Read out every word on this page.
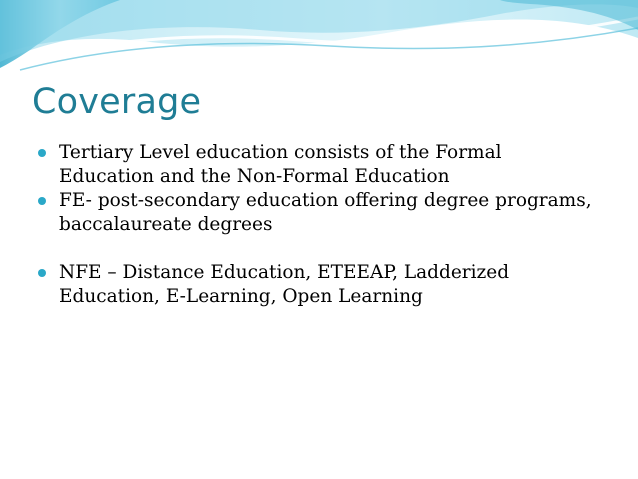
Coverage
Tertiary Level education consists of the Formal Education and the Non-Formal Education
FE- post-secondary education offering degree programs, baccalaureate degrees
NFE – Distance Education, ETEEAP, Ladderized Education, E-Learning, Open Learning
